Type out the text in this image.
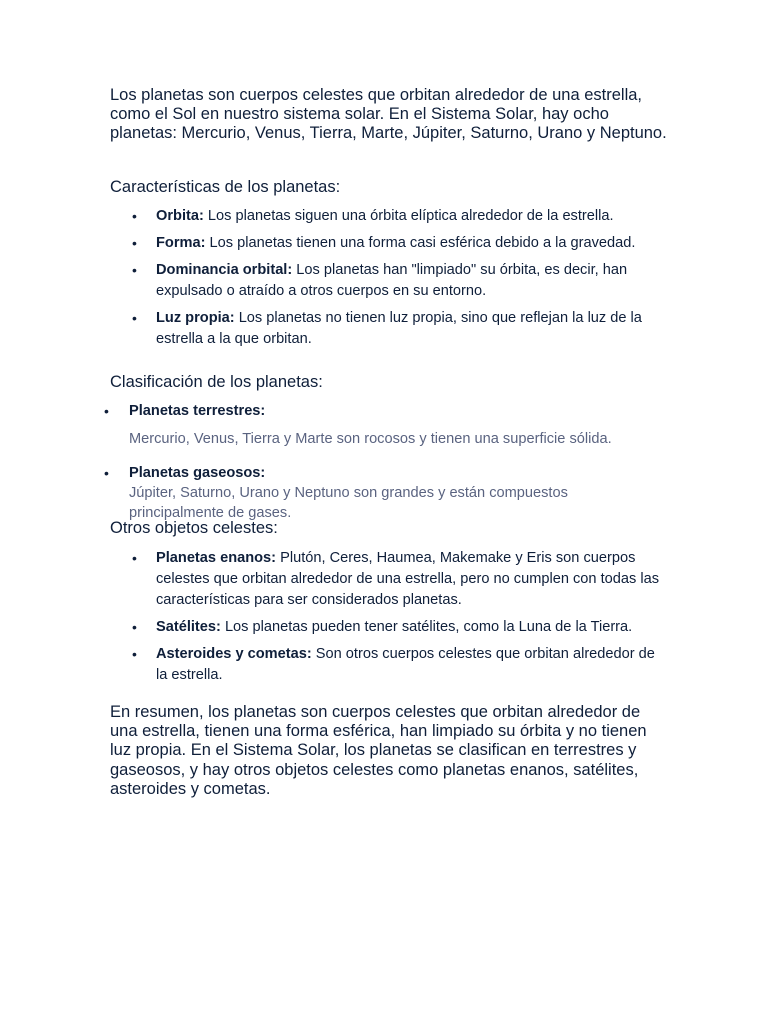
Los planetas son cuerpos celestes que orbitan alrededor de una estrella, como el Sol en nuestro sistema solar. En el Sistema Solar, hay ocho planetas: Mercurio, Venus, Tierra, Marte, Júpiter, Saturno, Urano y Neptuno.

Características de los planetas:

• Orbita: Los planetas siguen una órbita elíptica alrededor de la estrella.
• Forma: Los planetas tienen una forma casi esférica debido a la gravedad.
• Dominancia orbital: Los planetas han "limpiado" su órbita, es decir, han expulsado o atraído a otros cuerpos en su entorno.
• Luz propia: Los planetas no tienen luz propia, sino que reflejan la luz de la estrella a la que orbitan.

Clasificación de los planetas:

• Planetas terrestres:
Mercurio, Venus, Tierra y Marte son rocosos y tienen una superficie sólida.
• Planetas gaseosos:
Júpiter, Saturno, Urano y Neptuno son grandes y están compuestos principalmente de gases.

Otros objetos celestes:

• Planetas enanos: Plutón, Ceres, Haumea, Makemake y Eris son cuerpos celestes que orbitan alrededor de una estrella, pero no cumplen con todas las características para ser considerados planetas.
• Satélites: Los planetas pueden tener satélites, como la Luna de la Tierra.
• Asteroides y cometas: Son otros cuerpos celestes que orbitan alrededor de la estrella.

En resumen, los planetas son cuerpos celestes que orbitan alrededor de una estrella, tienen una forma esférica, han limpiado su órbita y no tienen luz propia. En el Sistema Solar, los planetas se clasifican en terrestres y gaseosos, y hay otros objetos celestes como planetas enanos, satélites, asteroides y cometas.
